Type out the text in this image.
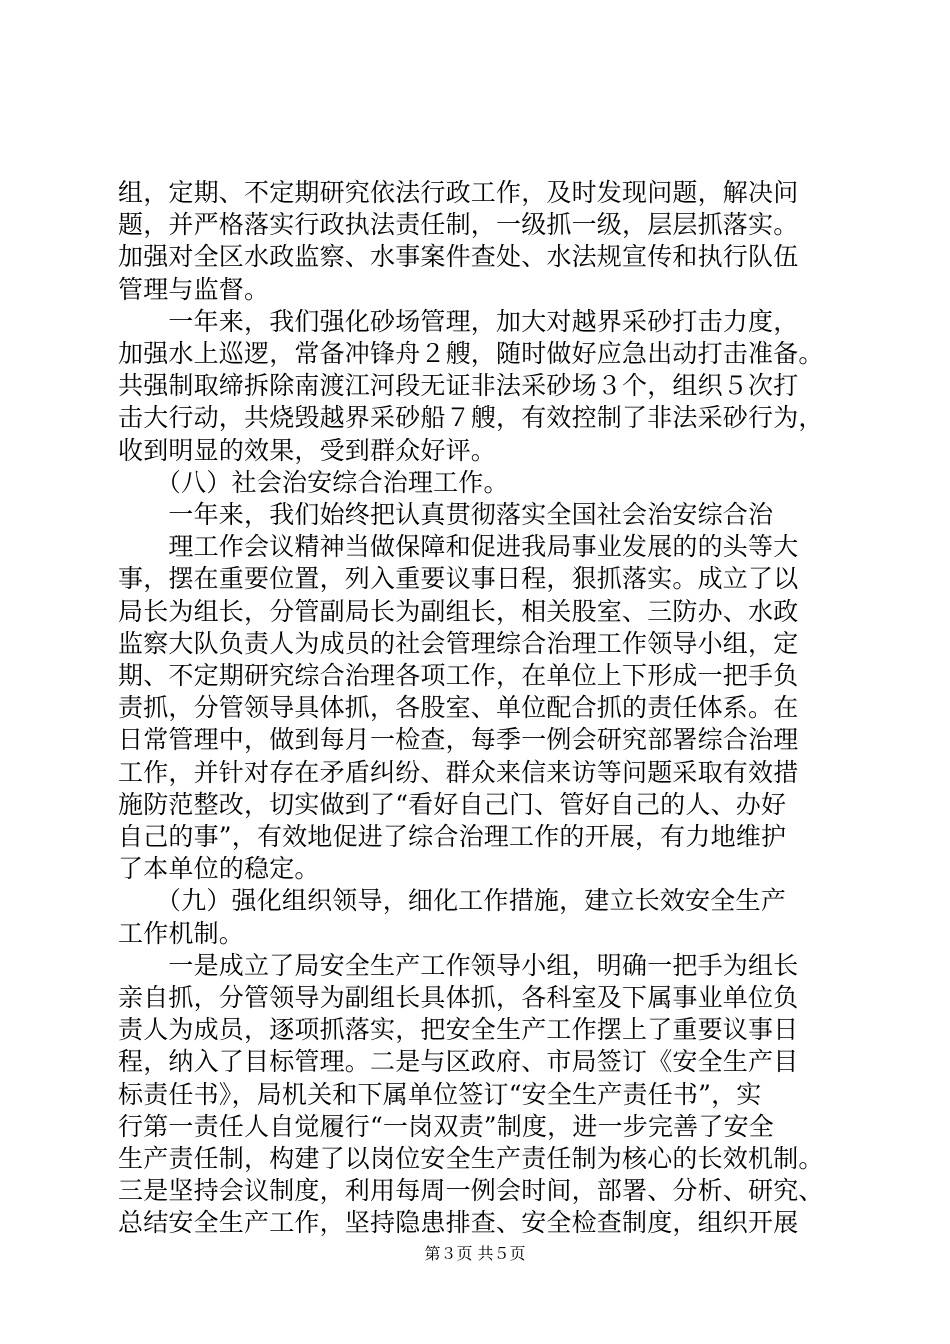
组，定期、不定期研究依法行政工作，及时发现问题，解决问
题，并严格落实行政执法责任制，一级抓一级，层层抓落实。
加强对全区水政监察、水事案件查处、水法规宣传和执行队伍
管理与监督。
　　一年来，我们强化砂场管理，加大对越界采砂打击力度，
加强水上巡逻，常备冲锋舟２艘，随时做好应急出动打击准备。
共强制取缔拆除南渡江河段无证非法采砂场３个，组织５次打
击大行动，共烧毁越界采砂船７艘，有效控制了非法采砂行为，
收到明显的效果，受到群众好评。
　　（八）社会治安综合治理工作。
　　一年来，我们始终把认真贯彻落实全国社会治安综合治
　　理工作会议精神当做保障和促进我局事业发展的的头等大
事，摆在重要位置，列入重要议事日程，狠抓落实。成立了以
局长为组长，分管副局长为副组长，相关股室、三防办、水政
监察大队负责人为成员的社会管理综合治理工作领导小组，定
期、不定期研究综合治理各项工作，在单位上下形成一把手负
责抓，分管领导具体抓，各股室、单位配合抓的责任体系。在
日常管理中，做到每月一检查，每季一例会研究部署综合治理
工作，并针对存在矛盾纠纷、群众来信来访等问题采取有效措
施防范整改，切实做到了“看好自己门、管好自己的人、办好
自己的事”，有效地促进了综合治理工作的开展，有力地维护
了本单位的稳定。
　　（九）强化组织领导，细化工作措施，建立长效安全生产
工作机制。
　　一是成立了局安全生产工作领导小组，明确一把手为组长
亲自抓，分管领导为副组长具体抓，各科室及下属事业单位负
责人为成员，逐项抓落实，把安全生产工作摆上了重要议事日
程，纳入了目标管理。二是与区政府、市局签订《安全生产目
标责任书》，局机关和下属单位签订“安全生产责任书”，实
行第一责任人自觉履行“一岗双责”制度，进一步完善了安全
生产责任制，构建了以岗位安全生产责任制为核心的长效机制。
三是坚持会议制度，利用每周一例会时间，部署、分析、研究、
总结安全生产工作，坚持隐患排查、安全检查制度，组织开展
第３页 共５页
